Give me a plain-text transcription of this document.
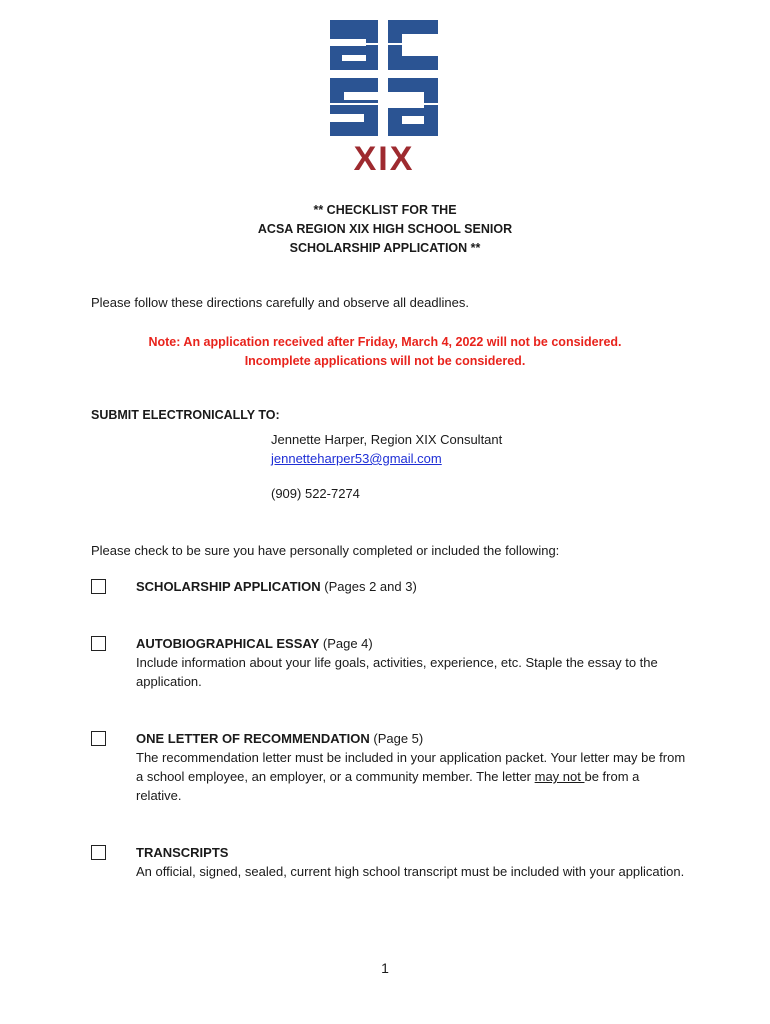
XIX
** CHECKLIST FOR THE
ACSA REGION XIX HIGH SCHOOL SENIOR
SCHOLARSHIP APPLICATION **
Please follow these directions carefully and observe all deadlines.
Note: An application received after Friday, March 4, 2022 will not be considered.
Incomplete applications will not be considered.
SUBMIT ELECTRONICALLY TO:
Jennette Harper, Region XIX Consultant
jennetteharper53@gmail.com
(909) 522-7274
Please check to be sure you have personally completed or included the following:
SCHOLARSHIP APPLICATION (Pages 2 and 3)
AUTOBIOGRAPHICAL ESSAY (Page 4)
Include information about your life goals, activities, experience, etc. Staple the essay to the application.
ONE LETTER OF RECOMMENDATION (Page 5)
The recommendation letter must be included in your application packet. Your letter may be from a school employee, an employer, or a community member. The letter may not be from a relative.
TRANSCRIPTS
An official, signed, sealed, current high school transcript must be included with your application.
1
